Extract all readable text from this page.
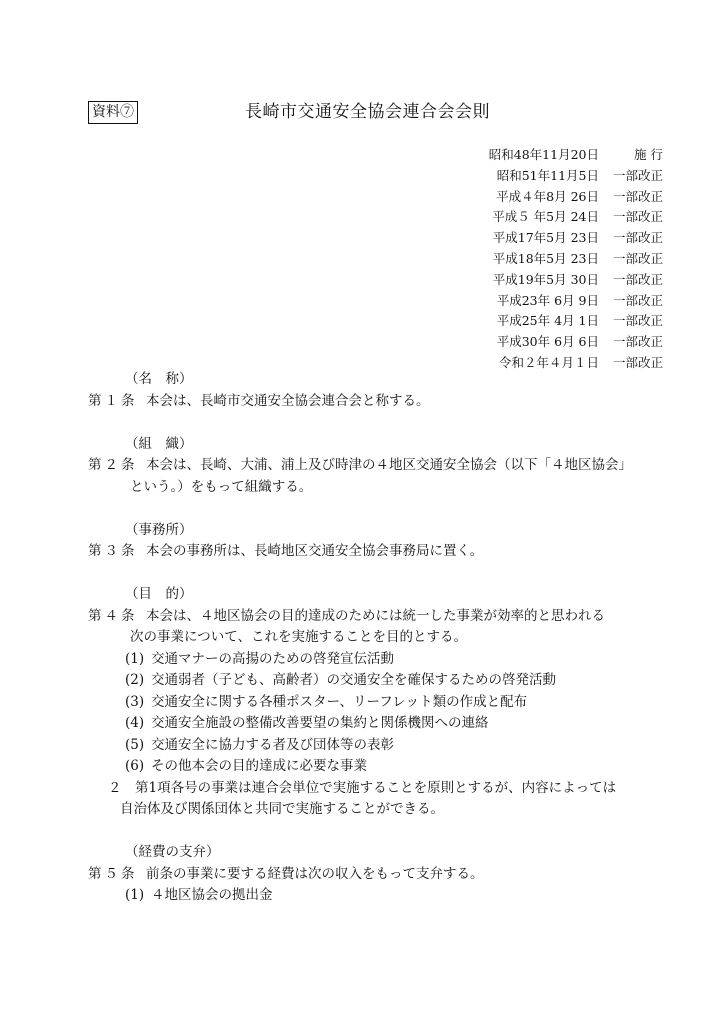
資料⑦	長崎市交通安全協会連合会会則
昭和48年11月20日	施 行
昭和51年11月5日	一部改正
平成４年8月 26日	一部改正
平成５ 年5月 24日	一部改正
平成17年5月 23日	一部改正
平成18年5月 23日	一部改正
平成19年5月 30日	一部改正
平成23年 6月 9日	一部改正
平成25年 4月 1日	一部改正
平成30年 6月 6日	一部改正
令和２年４月１日	一部改正
（名　称）
第１条 本会は、長崎市交通安全協会連合会と称する。
（組　織）
第２条 本会は、長崎、大浦、浦上及び時津の４地区交通安全協会（以下「４地区協会」
という。）をもって組織する。
（事務所）
第３条 本会の事務所は、長崎地区交通安全協会事務局に置く。
（目　的）
第４条 本会は、４地区協会の目的達成のためには統一した事業が効率的と思われる
次の事業について、これを実施することを目的とする。
(1) 交通マナーの高揚のための啓発宣伝活動
(2) 交通弱者（子ども、高齢者）の交通安全を確保するための啓発活動
(3) 交通安全に関する各種ポスター、リーフレット類の作成と配布
(4) 交通安全施設の整備改善要望の集約と関係機関への連絡
(5) 交通安全に協力する者及び団体等の表彰
(6) その他本会の目的達成に必要な事業
２　第1項各号の事業は連合会単位で実施することを原則とするが、内容によっては
自治体及び関係団体と共同で実施することができる。
（経費の支弁）
第５条 前条の事業に要する経費は次の収入をもって支弁する。
(1) ４地区協会の拠出金
